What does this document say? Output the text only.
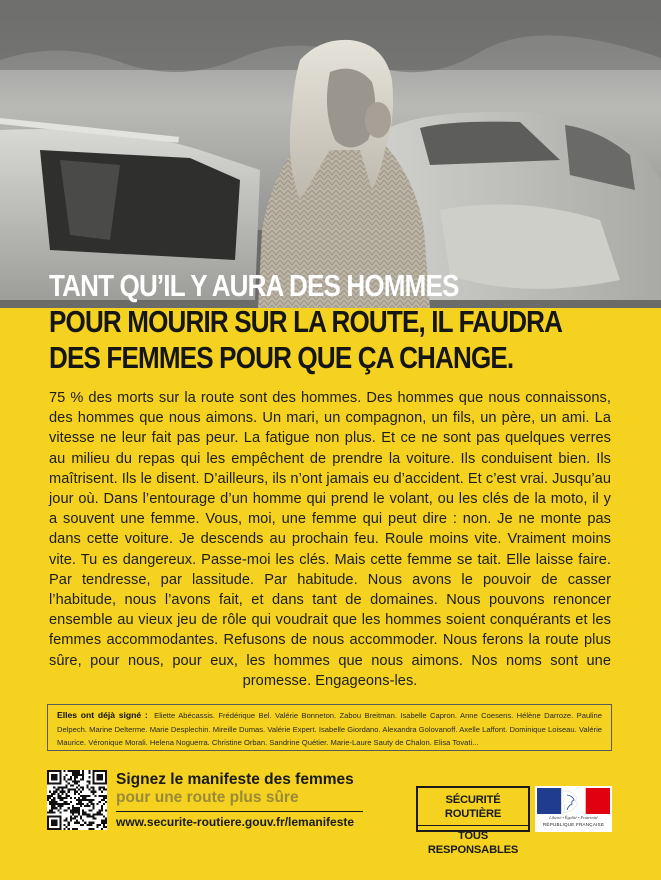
TANT QU’IL Y AURA DES HOMMES
POUR MOURIR SUR LA ROUTE, IL FAUDRA
DES FEMMES POUR QUE ÇA CHANGE.

75 % des morts sur la route sont des hommes. Des hommes que nous connaissons, des hommes que nous aimons. Un mari, un compagnon, un fils, un père, un ami. La vitesse ne leur fait pas peur. La fatigue non plus. Et ce ne sont pas quelques verres au milieu du repas qui les empêchent de prendre la voiture. Ils conduisent bien. Ils maîtrisent. Ils le disent. D’ailleurs, ils n’ont jamais eu d’accident. Et c’est vrai. Jusqu’au jour où. Dans l’entourage d’un homme qui prend le volant, ou les clés de la moto, il y a souvent une femme. Vous, moi, une femme qui peut dire : non. Je ne monte pas dans cette voiture. Je descends au prochain feu. Roule moins vite. Vraiment moins vite. Tu es dangereux. Passe-moi les clés. Mais cette femme se tait. Elle laisse faire. Par tendresse, par lassitude. Par habitude. Nous avons le pouvoir de casser l’habitude, nous l’avons fait, et dans tant de domaines. Nous pouvons renoncer ensemble au vieux jeu de rôle qui voudrait que les hommes soient conquérants et les femmes accommodantes. Refusons de nous accommoder. Nous ferons la route plus sûre, pour nous, pour eux, les hommes que nous aimons. Nos noms sont une promesse. Engageons-les.

Elles ont déjà signé : Eliette Abécassis. Frédérique Bel. Valérie Bonneton. Zabou Breitman. Isabelle Capron. Anne Coesens. Hélène Darroze. Pauline Delpech. Marine Delterme. Marie Desplechin. Mireille Dumas. Valérie Expert. Isabelle Giordano. Alexandra Golovanoff. Axelle Laffont. Dominique Loiseau. Valérie Maurice. Véronique Morali. Helena Noguerra. Christine Orban. Sandrine Quétier. Marie-Laure Sauty de Chalon. Elisa Tovati...
Signez le manifeste des femmes
pour une route plus sûre
www.securite-routiere.gouv.fr/lemanifeste
SÉCURITÉ ROUTIÈRE
TOUS RESPONSABLES
Liberté • Égalité • Fraternité
RÉPUBLIQUE FRANÇAISE
